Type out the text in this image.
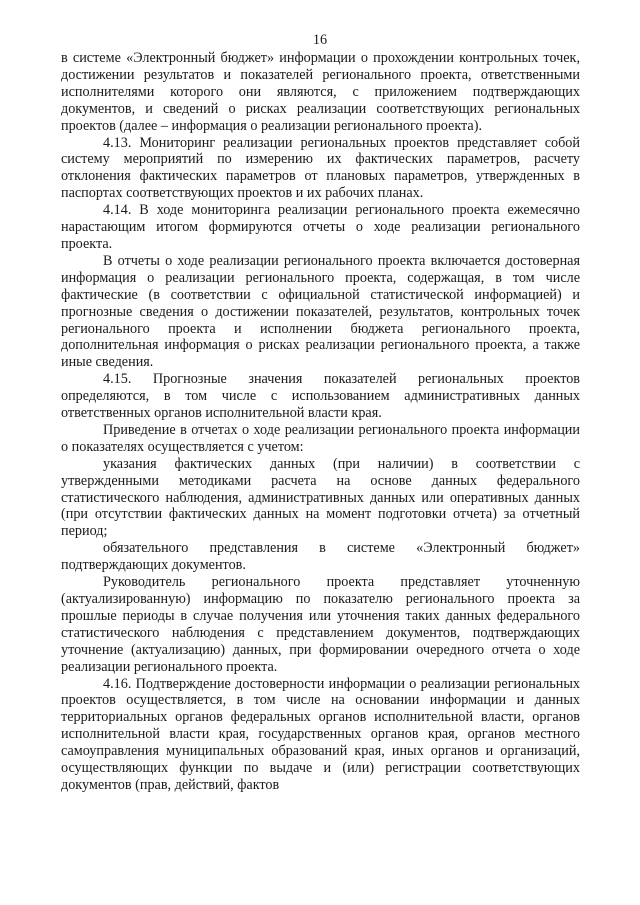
16

в системе «Электронный бюджет» информации о прохождении контрольных точек, достижении результатов и показателей регионального проекта, ответственными исполнителями которого они являются, с приложением подтверждающих документов, и сведений о рисках реализации соответствующих региональных проектов (далее – информация о реализации регионального проекта).

4.13. Мониторинг реализации региональных проектов представляет собой систему мероприятий по измерению их фактических параметров, расчету отклонения фактических параметров от плановых параметров, утвержденных в паспортах соответствующих проектов и их рабочих планах.

4.14. В ходе мониторинга реализации регионального проекта ежемесячно нарастающим итогом формируются отчеты о ходе реализации регионального проекта.

В отчеты о ходе реализации регионального проекта включается достоверная информация о реализации регионального проекта, содержащая, в том числе фактические (в соответствии с официальной статистической информацией) и прогнозные сведения о достижении показателей, результатов, контрольных точек регионального проекта и исполнении бюджета регионального проекта, дополнительная информация о рисках реализации регионального проекта, а также иные сведения.

4.15. Прогнозные значения показателей региональных проектов определяются, в том числе с использованием административных данных ответственных органов исполнительной власти края.

Приведение в отчетах о ходе реализации регионального проекта информации о показателях осуществляется с учетом:

указания фактических данных (при наличии) в соответствии с утвержденными методиками расчета на основе данных федерального статистического наблюдения, административных данных или оперативных данных (при отсутствии фактических данных на момент подготовки отчета) за отчетный период;

обязательного представления в системе «Электронный бюджет» подтверждающих документов.

Руководитель регионального проекта представляет уточненную (актуализированную) информацию по показателю регионального проекта за прошлые периоды в случае получения или уточнения таких данных федерального статистического наблюдения с представлением документов, подтверждающих уточнение (актуализацию) данных, при формировании очередного отчета о ходе реализации регионального проекта.

4.16. Подтверждение достоверности информации о реализации региональных проектов осуществляется, в том числе на основании информации и данных территориальных органов федеральных органов исполнительной власти, органов исполнительной власти края, государственных органов края, органов местного самоуправления муниципальных образований края, иных органов и организаций, осуществляющих функции по выдаче и (или) регистрации соответствующих документов (прав, действий, фактов
